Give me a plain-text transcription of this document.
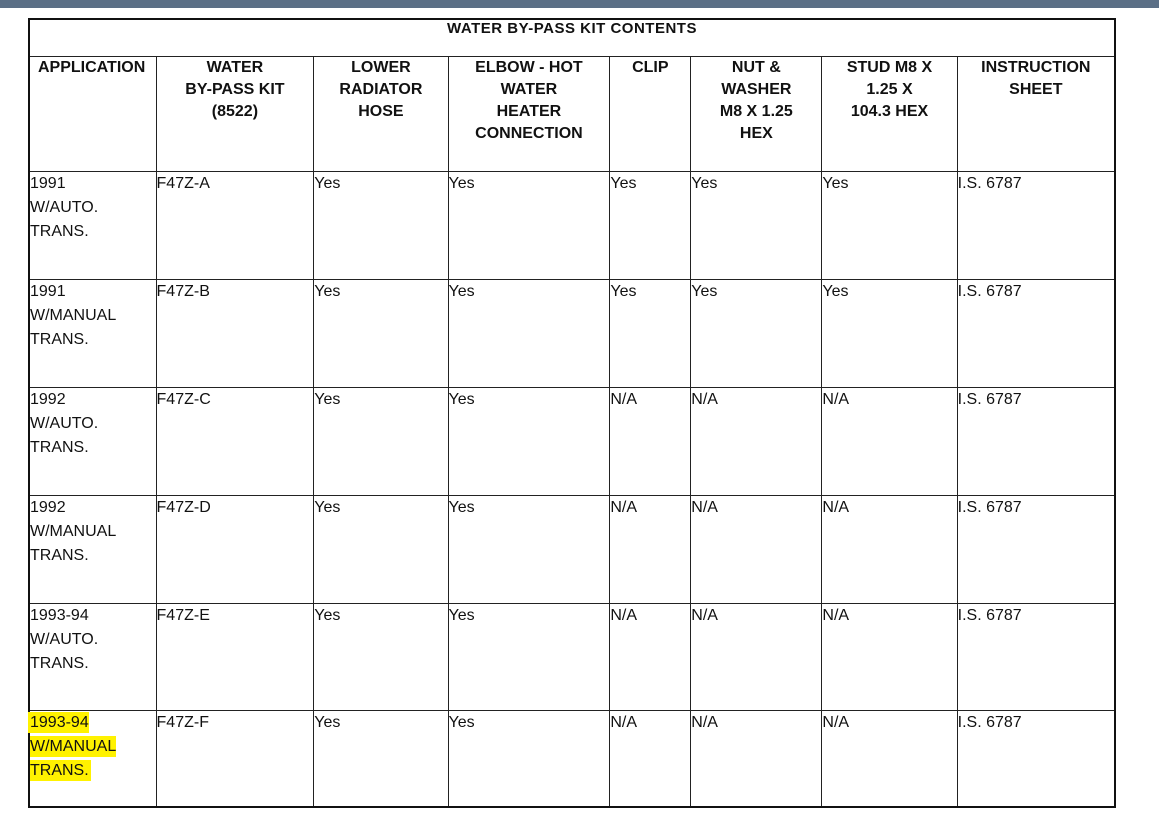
WATER BY-PASS KIT CONTENTS							
APPLICATION	WATER
BY-PASS KIT
(8522)	LOWER
RADIATOR
HOSE	ELBOW - HOT
WATER
HEATER
CONNECTION	CLIP	NUT &
WASHER
M8 X 1.25
HEX	STUD M8 X
1.25 X
104.3 HEX	INSTRUCTION
SHEET
1991
W/AUTO.
TRANS.	F47Z-A	Yes	Yes	Yes	Yes	Yes	I.S. 6787
1991
W/MANUAL
TRANS.	F47Z-B	Yes	Yes	Yes	Yes	Yes	I.S. 6787
1992
W/AUTO.
TRANS.	F47Z-C	Yes	Yes	N/A	N/A	N/A	I.S. 6787
1992
W/MANUAL
TRANS.	F47Z-D	Yes	Yes	N/A	N/A	N/A	I.S. 6787
1993-94
W/AUTO.
TRANS.	F47Z-E	Yes	Yes	N/A	N/A	N/A	I.S. 6787
1993-94
W/MANUAL
TRANS.	F47Z-F	Yes	Yes	N/A	N/A	N/A	I.S. 6787
